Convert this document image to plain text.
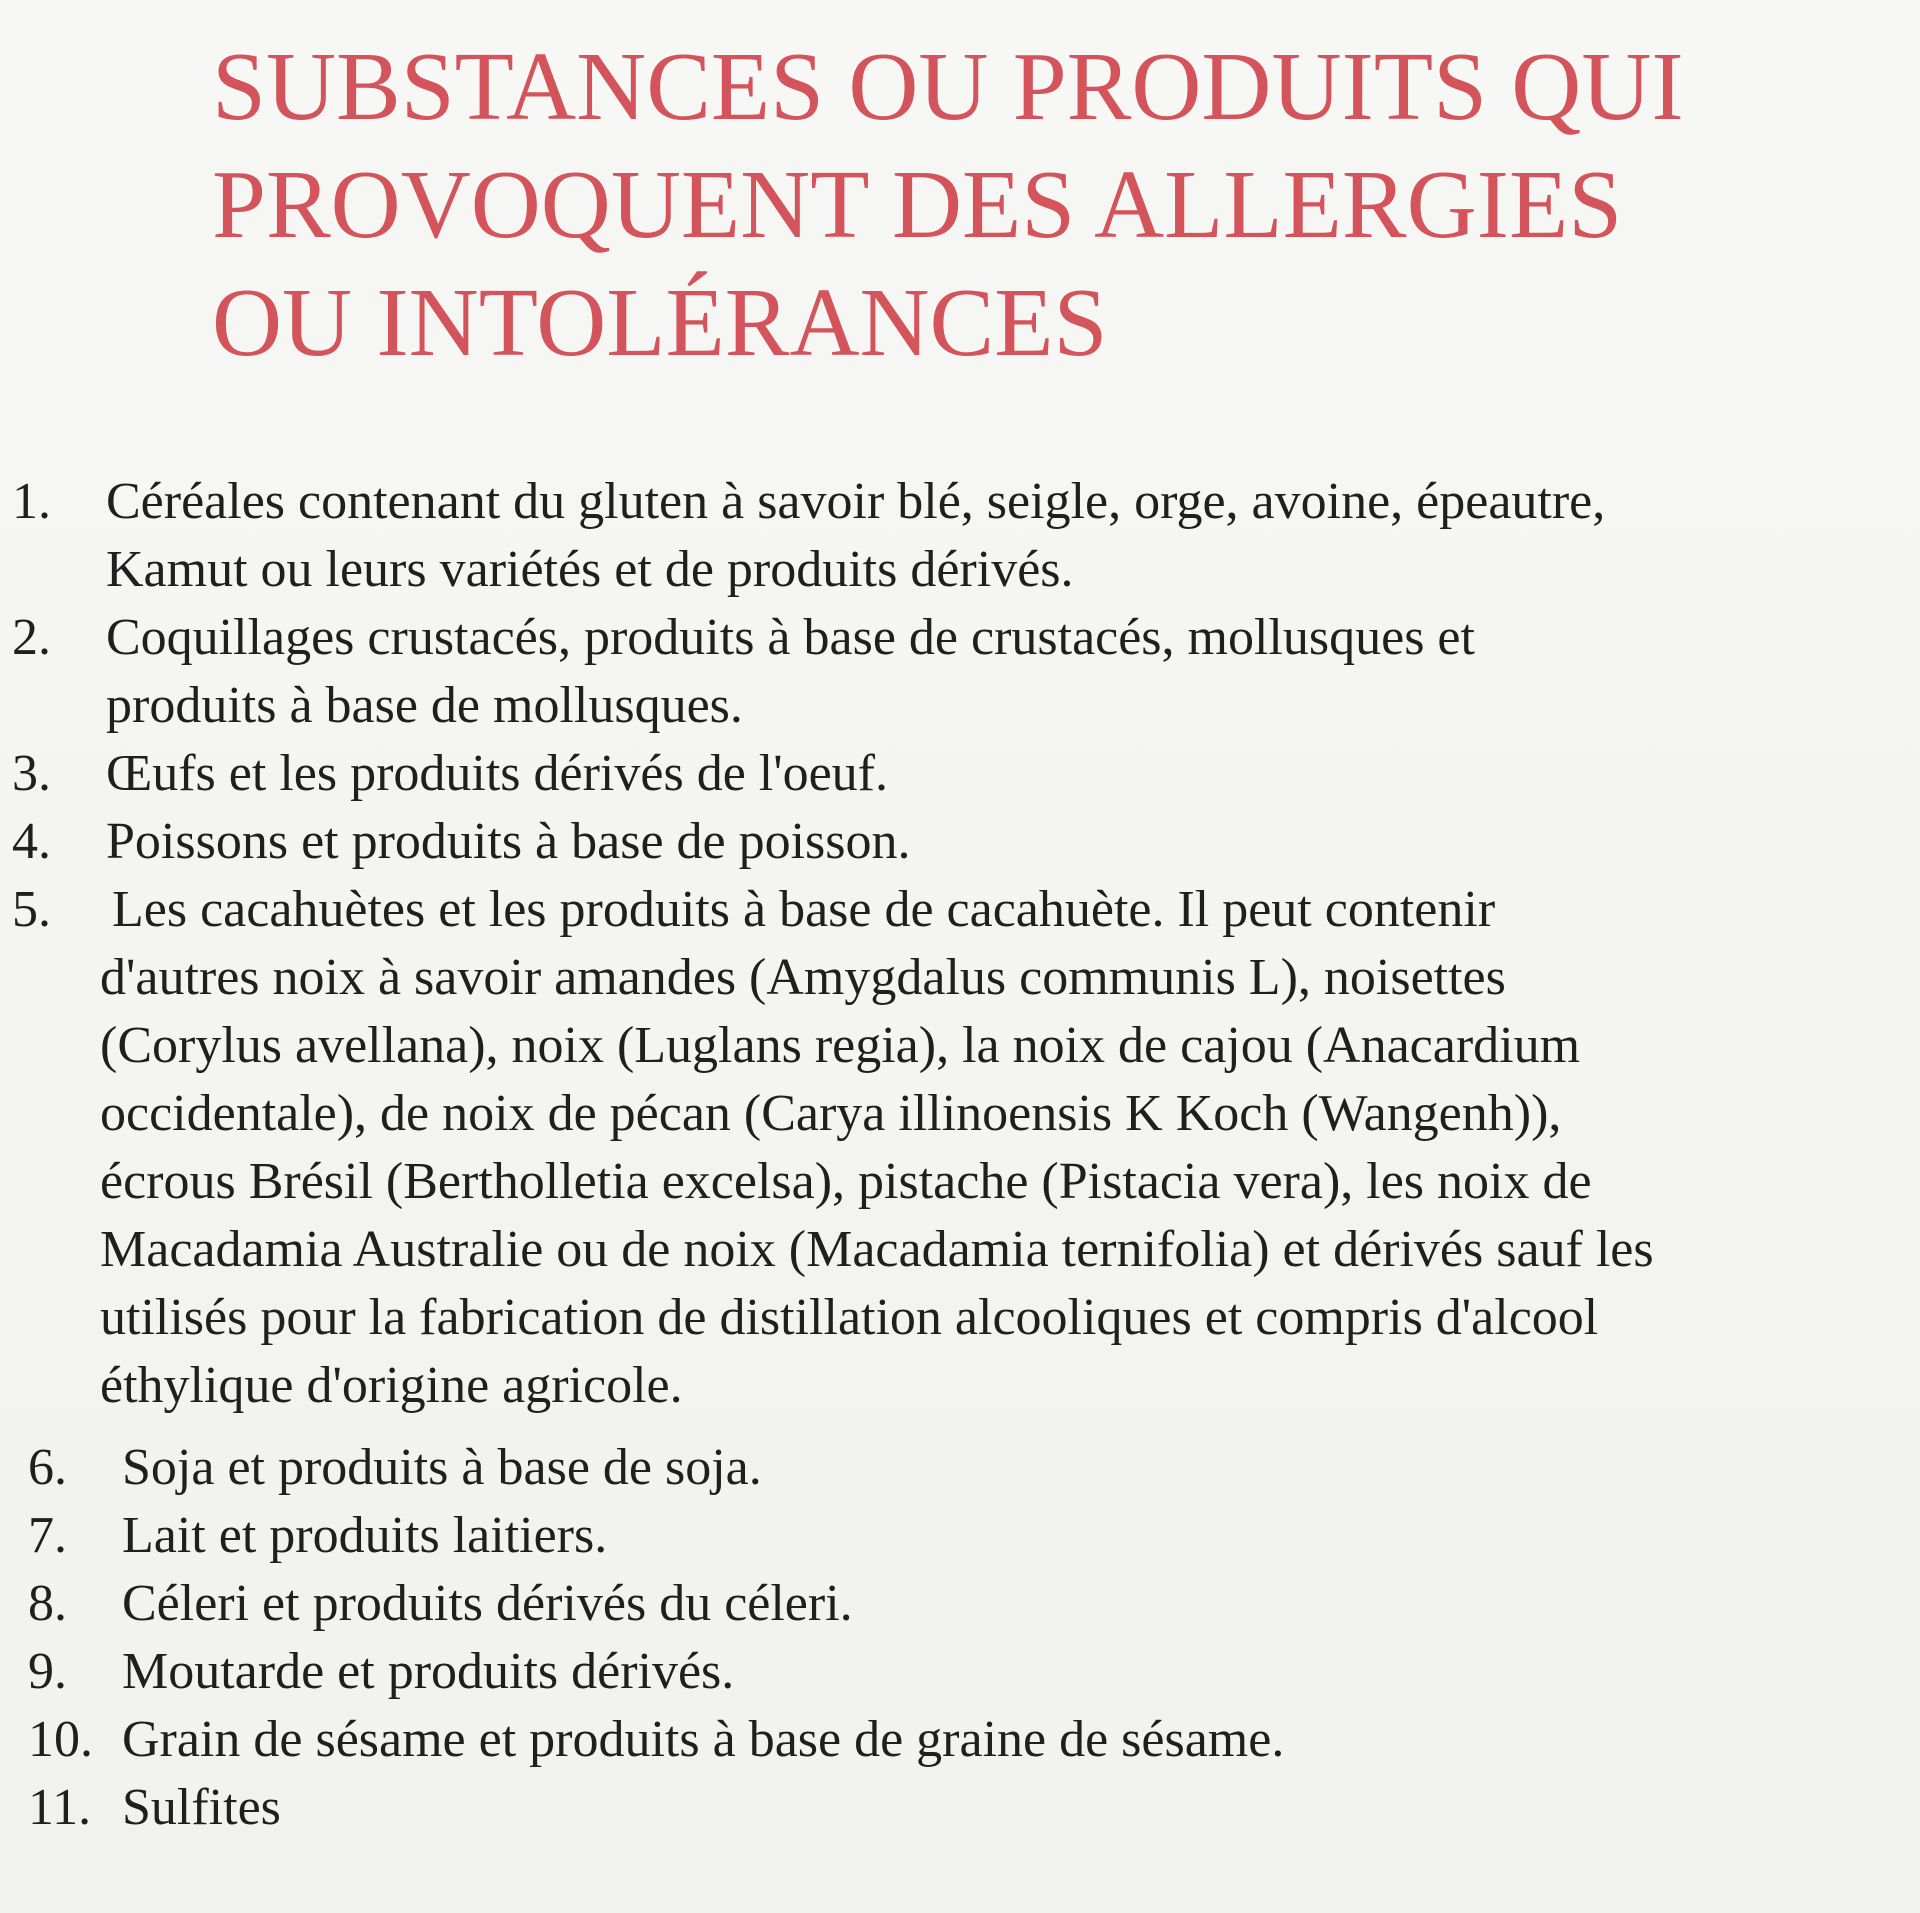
SUBSTANCES OU PRODUITS QUI
PROVOQUENT DES ALLERGIES
OU INTOLÉRANCES
1.	Céréales contenant du gluten à savoir blé, seigle, orge, avoine, épeautre,
Kamut ou leurs variétés et de produits dérivés.
2.	Coquillages crustacés, produits à base de crustacés, mollusques et
produits à base de mollusques.
3.	Œufs et les produits dérivés de l'oeuf.
4.	Poissons et produits à base de poisson.
5.	Les cacahuètes et les produits à base de cacahuète. Il peut contenir
d'autres noix à savoir amandes (Amygdalus communis L), noisettes
(Corylus avellana), noix (Luglans regia), la noix de cajou (Anacardium
occidentale), de noix de pécan (Carya illinoensis K Koch (Wangenh)),
écrous Brésil (Bertholletia excelsa), pistache (Pistacia vera), les noix de
Macadamia Australie ou de noix (Macadamia ternifolia) et dérivés sauf les
utilisés pour la fabrication de distillation alcooliques et compris d'alcool
éthylique d'origine agricole.
6.	Soja et produits à base de soja.
7.	Lait et produits laitiers.
8.	Céleri et produits dérivés du céleri.
9.	Moutarde et produits dérivés.
10. Grain de sésame et produits à base de graine de sésame.
11. Sulfites
